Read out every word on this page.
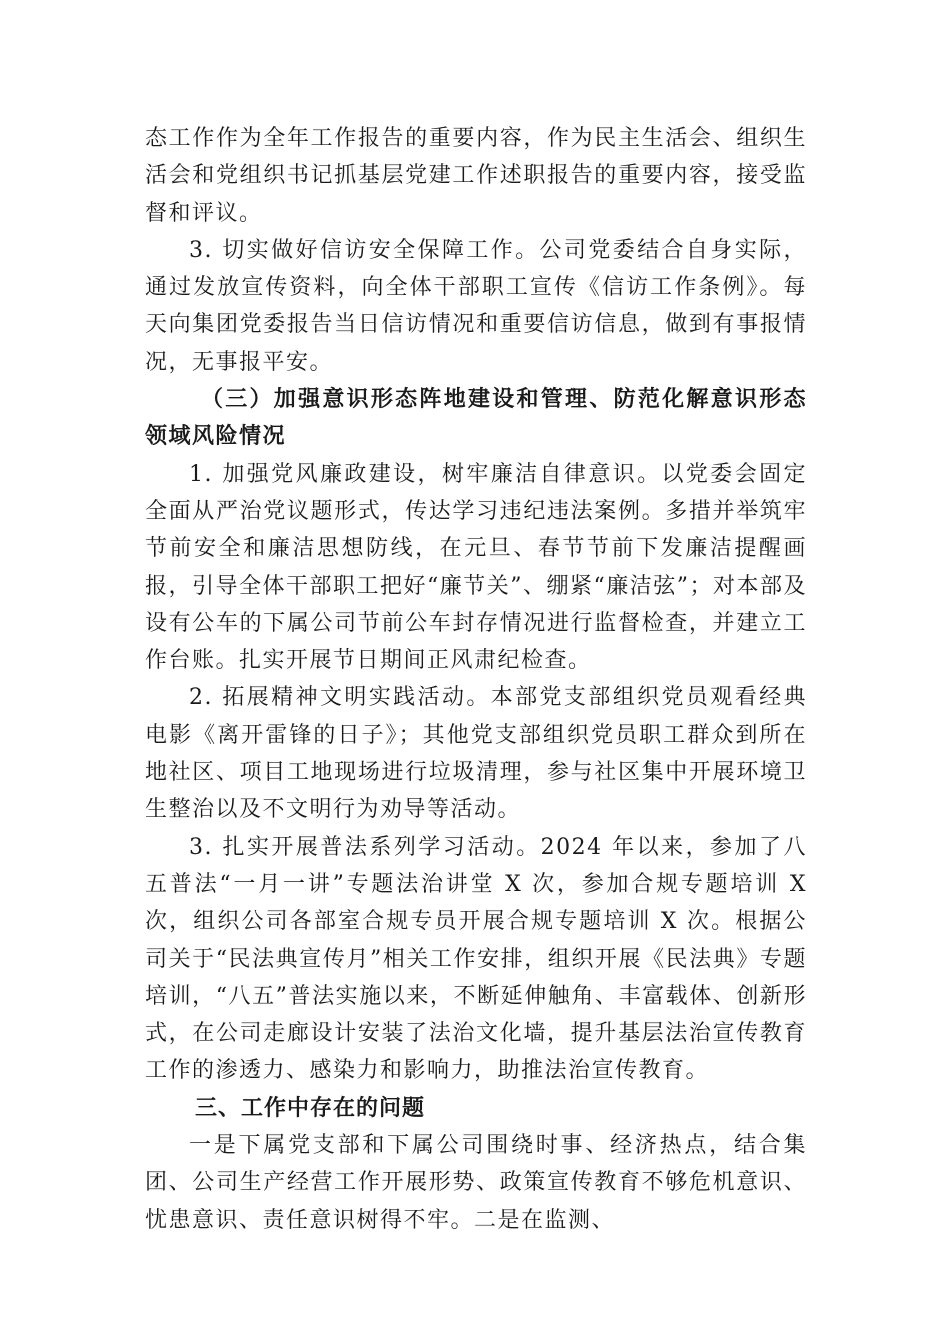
态工作作为全年工作报告的重要内容，作为民主生活会、组织生活会和党组织书记抓基层党建工作述职报告的重要内容，接受监督和评议。

3. 切实做好信访安全保障工作。公司党委结合自身实际，通过发放宣传资料，向全体干部职工宣传《信访工作条例》。每天向集团党委报告当日信访情况和重要信访信息，做到有事报情况，无事报平安。

（三）加强意识形态阵地建设和管理、防范化解意识形态领域风险情况

1. 加强党风廉政建设，树牢廉洁自律意识。以党委会固定全面从严治党议题形式，传达学习违纪违法案例。多措并举筑牢节前安全和廉洁思想防线，在元旦、春节节前下发廉洁提醒画报，引导全体干部职工把好“廉节关”、绷紧“廉洁弦”；对本部及设有公车的下属公司节前公车封存情况进行监督检查，并建立工作台账。扎实开展节日期间正风肃纪检查。

2. 拓展精神文明实践活动。本部党支部组织党员观看经典电影《离开雷锋的日子》；其他党支部组织党员职工群众到所在地社区、项目工地现场进行垃圾清理，参与社区集中开展环境卫生整治以及不文明行为劝导等活动。

3. 扎实开展普法系列学习活动。2024 年以来，参加了八五普法“一月一讲”专题法治讲堂 X 次，参加合规专题培训 X 次，组织公司各部室合规专员开展合规专题培训 X 次。根据公司关于“民法典宣传月”相关工作安排，组织开展《民法典》专题培训，“八五”普法实施以来，不断延伸触角、丰富载体、创新形式，在公司走廊设计安装了法治文化墙，提升基层法治宣传教育工作的渗透力、感染力和影响力，助推法治宣传教育。

三、工作中存在的问题

一是下属党支部和下属公司围绕时事、经济热点，结合集团、公司生产经营工作开展形势、政策宣传教育不够危机意识、忧患意识、责任意识树得不牢。二是在监测、
